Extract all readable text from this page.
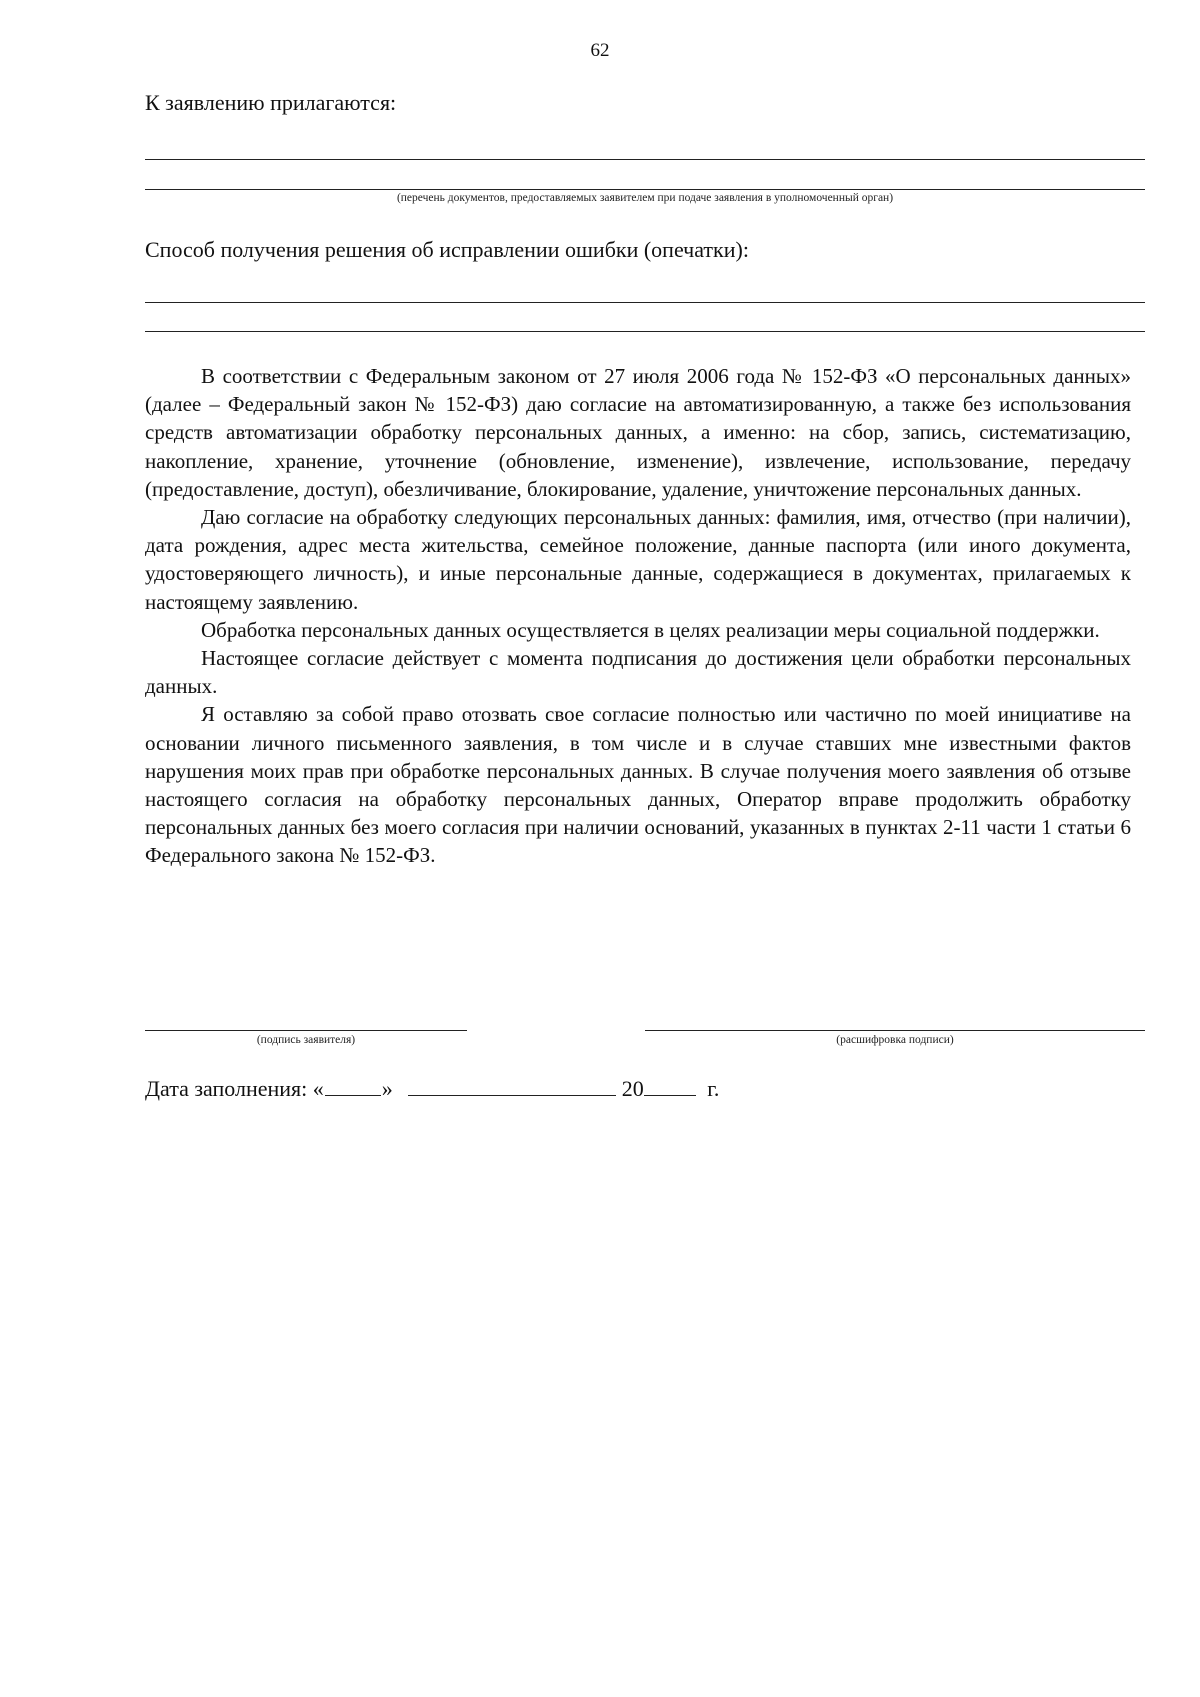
62
К заявлению прилагаются:
(перечень документов, предоставляемых заявителем при подаче заявления в уполномоченный орган)
Способ получения решения об исправлении ошибки (опечатки):

В соответствии с Федеральным законом от 27 июля 2006 года № 152-ФЗ «О персональных данных» (далее – Федеральный закон № 152-ФЗ) даю согласие на автоматизированную, а также без использования средств автоматизации обработку персональных данных, а именно: на сбор, запись, систематизацию, накопление, хранение, уточнение (обновление, изменение), извлечение, использование, передачу (предоставление, доступ), обезличивание, блокирование, удаление, уничтожение персональных данных.

Даю согласие на обработку следующих персональных данных: фамилия, имя, отчество (при наличии), дата рождения, адрес места жительства, семейное положение, данные паспорта (или иного документа, удостоверяющего личность), и иные персональные данные, содержащиеся в документах, прилагаемых к настоящему заявлению.

Обработка персональных данных осуществляется в целях реализации меры социальной поддержки.

Настоящее согласие действует с момента подписания до достижения цели обработки персональных данных.

Я оставляю за собой право отозвать свое согласие полностью или частично по моей инициативе на основании личного письменного заявления, в том числе и в случае ставших мне известными фактов нарушения моих прав при обработке персональных данных. В случае получения моего заявления об отзыве настоящего согласия на обработку персональных данных, Оператор вправе продолжить обработку персональных данных без моего согласия при наличии оснований, указанных в пунктах 2-11 части 1 статьи 6 Федерального закона № 152-ФЗ.

(подпись заявителя)	(расшифровка подписи)
Дата заполнения: «	»	20	г.
